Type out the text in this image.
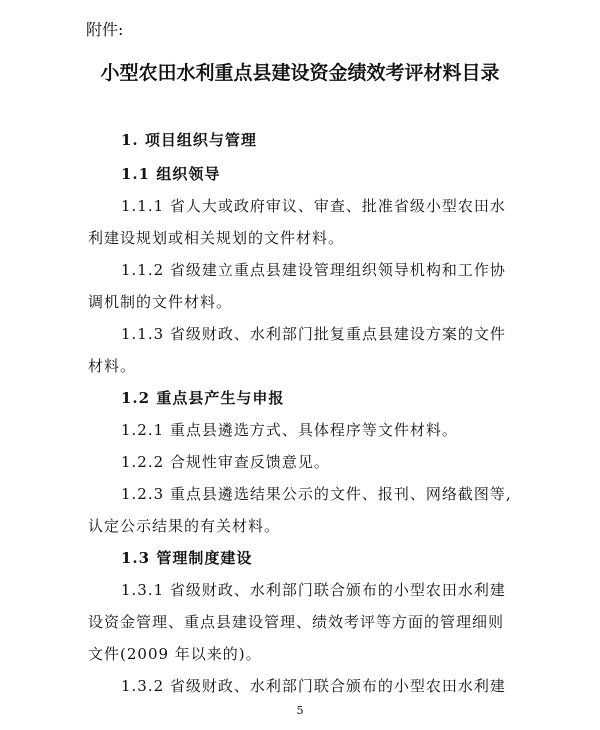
附件:
小型农田水利重点县建设资金绩效考评材料目录
1. 项目组织与管理
1.1 组织领导
1.1.1 省人大或政府审议、审查、批准省级小型农田水
利建设规划或相关规划的文件材料。
1.1.2 省级建立重点县建设管理组织领导机构和工作协
调机制的文件材料。
1.1.3 省级财政、水利部门批复重点县建设方案的文件
材料。
1.2 重点县产生与申报
1.2.1 重点县遴选方式、具体程序等文件材料。
1.2.2 合规性审查反馈意见。
1.2.3 重点县遴选结果公示的文件、报刊、网络截图等,
认定公示结果的有关材料。
1.3 管理制度建设
1.3.1 省级财政、水利部门联合颁布的小型农田水利建
设资金管理、重点县建设管理、绩效考评等方面的管理细则
文件(2009 年以来的)。
1.3.2 省级财政、水利部门联合颁布的小型农田水利建
5
